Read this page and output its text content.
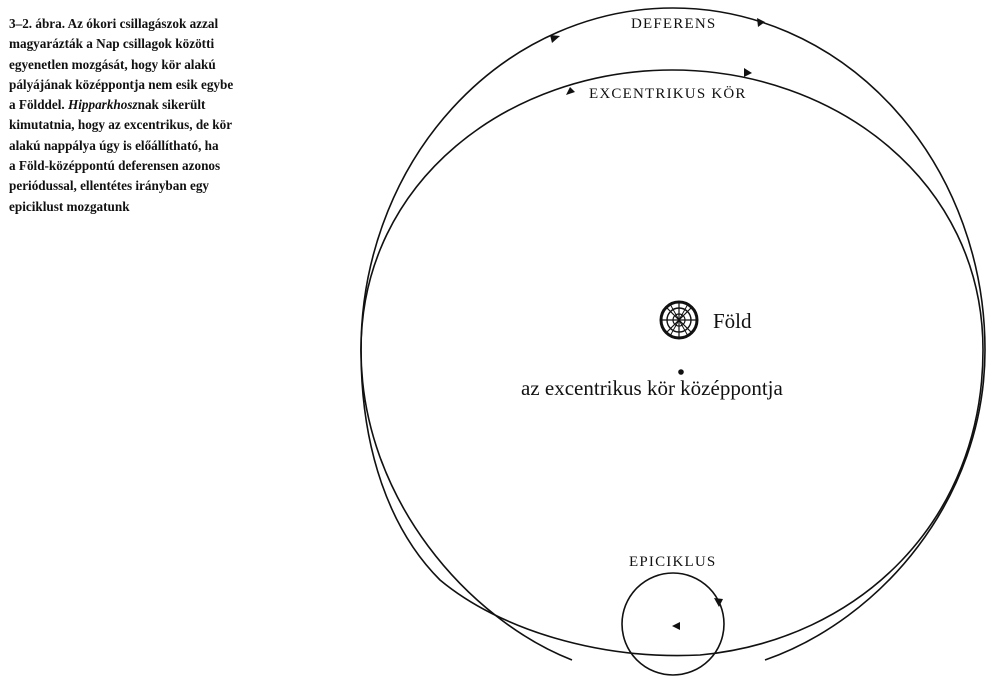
3–2. ábra. Az ókori csillagászok azzal
magyarázták a Nap csillagok közötti
egyenetlen mozgását, hogy kör alakú
pályájának középpontja nem esik egybe
a Földdel. Hipparkhosznak sikerült
kimutatnia, hogy az excentrikus, de kör
alakú nappálya úgy is előállítható, ha
a Föld-középpontú deferensen azonos
periódussal, ellentétes irányban egy
epiciklust mozgatunk
DEFERENS
EXCENTRIKUS KÖR
Föld
az excentrikus kör középpontja
EPICIKLUS
